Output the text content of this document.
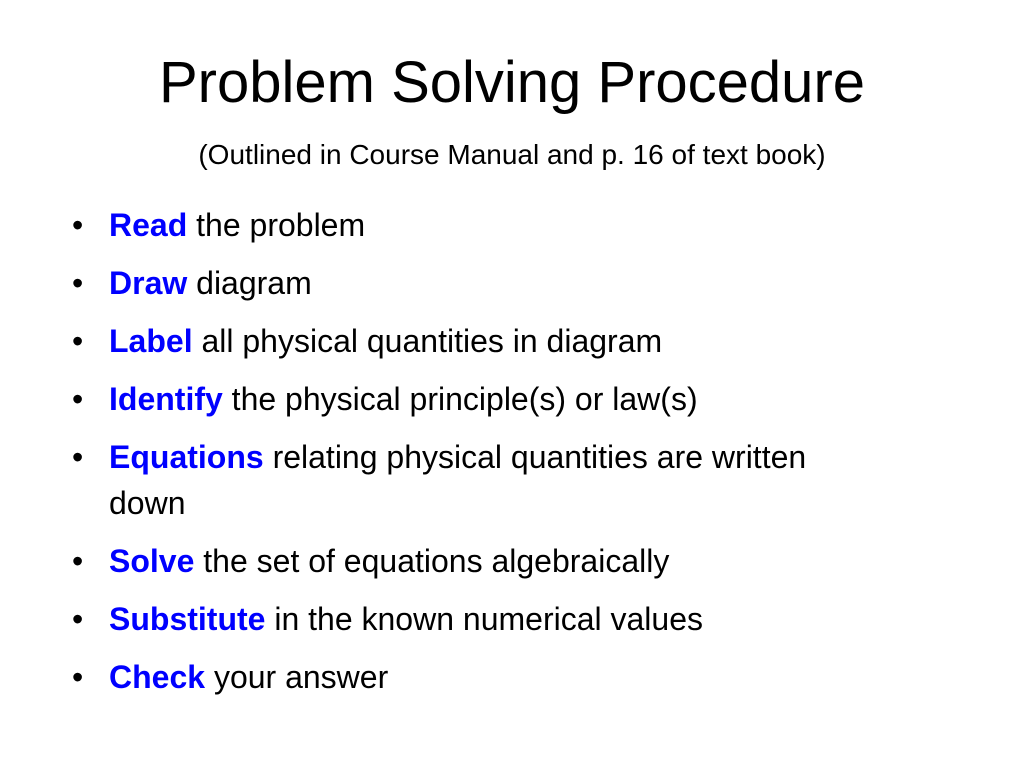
Problem Solving Procedure

(Outlined in Course Manual and p. 16 of text book)

• Read the problem
• Draw diagram
• Label all physical quantities in diagram
• Identify the physical principle(s) or law(s)
• Equations relating physical quantities are written down
• Solve the set of equations algebraically
• Substitute in the known numerical values
• Check your answer
